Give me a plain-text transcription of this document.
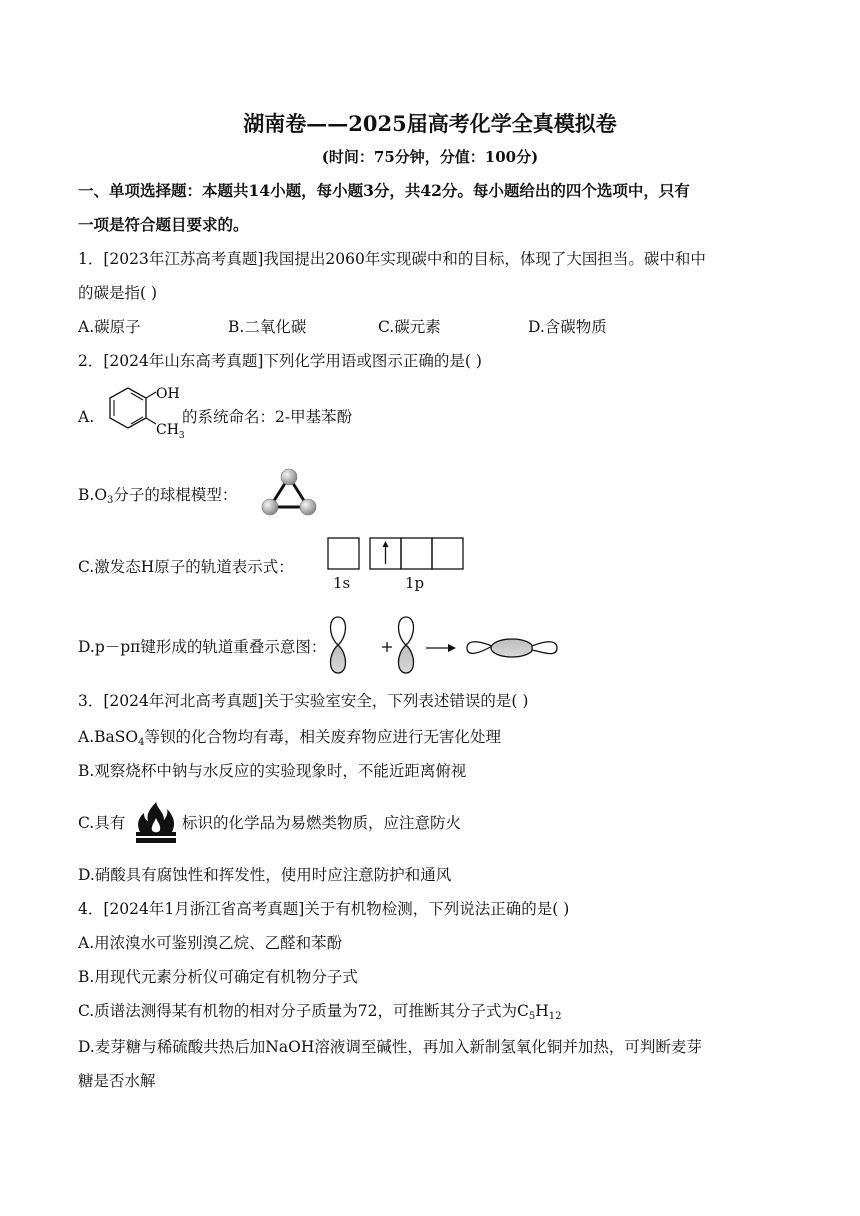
湖南卷——2025届高考化学全真模拟卷
(时间：75分钟，分值：100分)
一、单项选择题：本题共14小题，每小题3分，共42分。每小题给出的四个选项中，只有
一项是符合题目要求的。
1．[2023年江苏高考真题]我国提出2060年实现碳中和的目标，体现了大国担当。碳中和中
的碳是指( )
A.碳原子	B.二氧化碳	C.碳元素	D.含碳物质
2．[2024年山东高考真题]下列化学用语或图示正确的是( )
A.
OH
$CH_3$
的系统命名：2-甲基苯酚
$B.O_3$分子的球棍模型：
C.激发态H原子的轨道表示式：
1s	1p
D.p－pπ键形成的轨道重叠示意图：
3．[2024年河北高考真题]关于实验室安全，下列表述错误的是( )
A.BaSO$_4$等钡的化合物均有毒，相关废弃物应进行无害化处理
B.观察烧杯中钠与水反应的实验现象时，不能近距离俯视
C.具有	标识的化学品为易燃类物质，应注意防火
D.硝酸具有腐蚀性和挥发性，使用时应注意防护和通风
4．[2024年1月浙江省高考真题]关于有机物检测，下列说法正确的是( )
A.用浓溴水可鉴别溴乙烷、乙醛和苯酚
B.用现代元素分析仪可确定有机物分子式
C.质谱法测得某有机物的相对分子质量为72，可推断其分子式为$C_5H_{12}$
D.麦芽糖与稀硫酸共热后加NaOH溶液调至碱性，再加入新制氢氧化铜并加热，可判断麦芽
糖是否水解
